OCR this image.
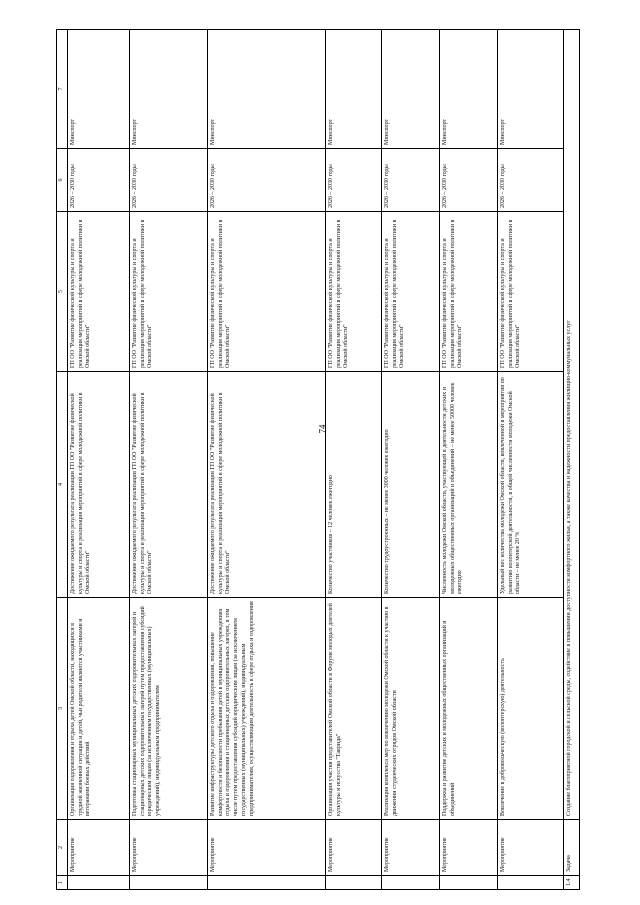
74
1	2	3	4	5	6	7
	Мероприятие	Организация оздоровления и отдыха детей Омской области, находящихся в трудной жизненной ситуации и детей, чьи родители являются участниками и ветеранами боевых действий	Достижение ожидаемого результата реализации ГП ОО "Развитие физической культуры и спорта и реализация мероприятий в сфере молодежной политики в Омской области"	ГП ОО "Развитие физической культуры и спорта и реализация мероприятий в сфере молодежной политики в Омской области"	2026 – 2030 годы	Минспорт
	Мероприятие	Подготовка стационарных муниципальных детских оздоровительных лагерей и стационарных детских оздоровительных лагерей путем предоставления субсидий юридическим лицам (за исключением государственных (муниципальных) учреждений), индивидуальным предпринимателям	Достижение ожидаемого результата реализации ГП ОО "Развитие физической культуры и спорта и реализация мероприятий в сфере молодежной политики в Омской области"	ГП ОО "Развитие физической культуры и спорта и реализация мероприятий в сфере молодежной политики в Омской области"	2026 – 2030 годы	Минспорт
	Мероприятие	Развитие инфраструктуры детского отдыха и оздоровления, повышение комфортности и безопасности пребывания детей в муниципальных учреждениях отдыха и оздоровления и стационарных детских оздоровительных лагерях, в том числе путем предоставления субсидий юридическим лицам (за исключением государственных (муниципальных) учреждений), индивидуальным предпринимателям, осуществляющим деятельность в сфере отдыха и оздоровления	Достижение ожидаемого результата реализации ГП ОО "Развитие физической культуры и спорта и реализация мероприятий в сфере молодежной политики в Омской области"	ГП ОО "Развитие физической культуры и спорта и реализация мероприятий в сфере молодежной политики в Омской области"	2026 – 2030 годы	Минспорт
	Мероприятие	Организация участия представителей Омской области в Форуме молодых деятелей культуры и искусства "Таврида"	Количество участников – 12 человек ежегодно	ГП ОО "Развитие физической культуры и спорта и реализация мероприятий в сфере молодежной политики в Омской области"	2026 – 2030 годы	Минспорт
	Мероприятие	Реализация комплекса мер по вовлечению молодежи Омской области к участию в движении студенческих отрядов Омской области	Количество трудоустроенных – не менее 3000 человек ежегодно	ГП ОО "Развитие физической культуры и спорта и реализация мероприятий в сфере молодежной политики в Омской области"	2026 – 2030 годы	Минспорт
	Мероприятие	Поддержка и развитие детских и молодежных общественных организаций и объединений	Численность молодежи Омской области, участвующей в деятельности детских и молодежных общественных организаций и объединений – не менее 50000 человек ежегодно	ГП ОО "Развитие физической культуры и спорта и реализация мероприятий в сфере молодежной политики в Омской области"	2026 – 2030 годы	Минспорт
	Мероприятие	Вовлечение в добровольческую (волонтерскую) деятельность	Удельный вес количества молодежи Омской области, вовлеченной в мероприятия по развитию волонтерской деятельности, в общей численности молодежи Омской области – не менее 20 %	ГП ОО "Развитие физической культуры и спорта и реализация мероприятий в сфере молодежной политики в Омской области"	2026 – 2030 годы	Минспорт
1.4	Задача	Создание благоприятной городской и сельской среды, содействие в повышении доступности комфортного жилья, а также качества и надежности предоставления жилищно-коммунальных услуг				
